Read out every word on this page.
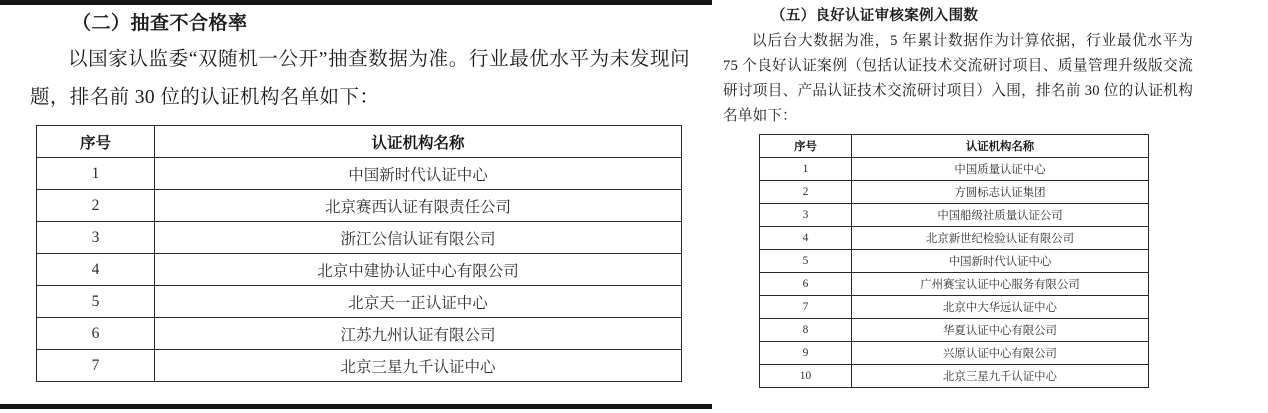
（二）抽查不合格率

以国家认监委“双随机一公开”抽查数据为准。行业最优水平为未发现问题，排名前 30 位的认证机构名单如下：

序号	认证机构名称
1	中国新时代认证中心
2	北京赛西认证有限责任公司
3	浙江公信认证有限公司
4	北京中建协认证中心有限公司
5	北京天一正认证中心
6	江苏九州认证有限公司
7	北京三星九千认证中心
（五）良好认证审核案例入围数

以后台大数据为准，5 年累计数据作为计算依据，行业最优水平为 75 个良好认证案例（包括认证技术交流研讨项目、质量管理升级版交流研讨项目、产品认证技术交流研讨项目）入围，排名前 30 位的认证机构名单如下：

序号	认证机构名称
1	中国质量认证中心
2	方圆标志认证集团
3	中国船级社质量认证公司
4	北京新世纪检验认证有限公司
5	中国新时代认证中心
6	广州赛宝认证中心服务有限公司
7	北京中大华远认证中心
8	华夏认证中心有限公司
9	兴原认证中心有限公司
10	北京三星九千认证中心
